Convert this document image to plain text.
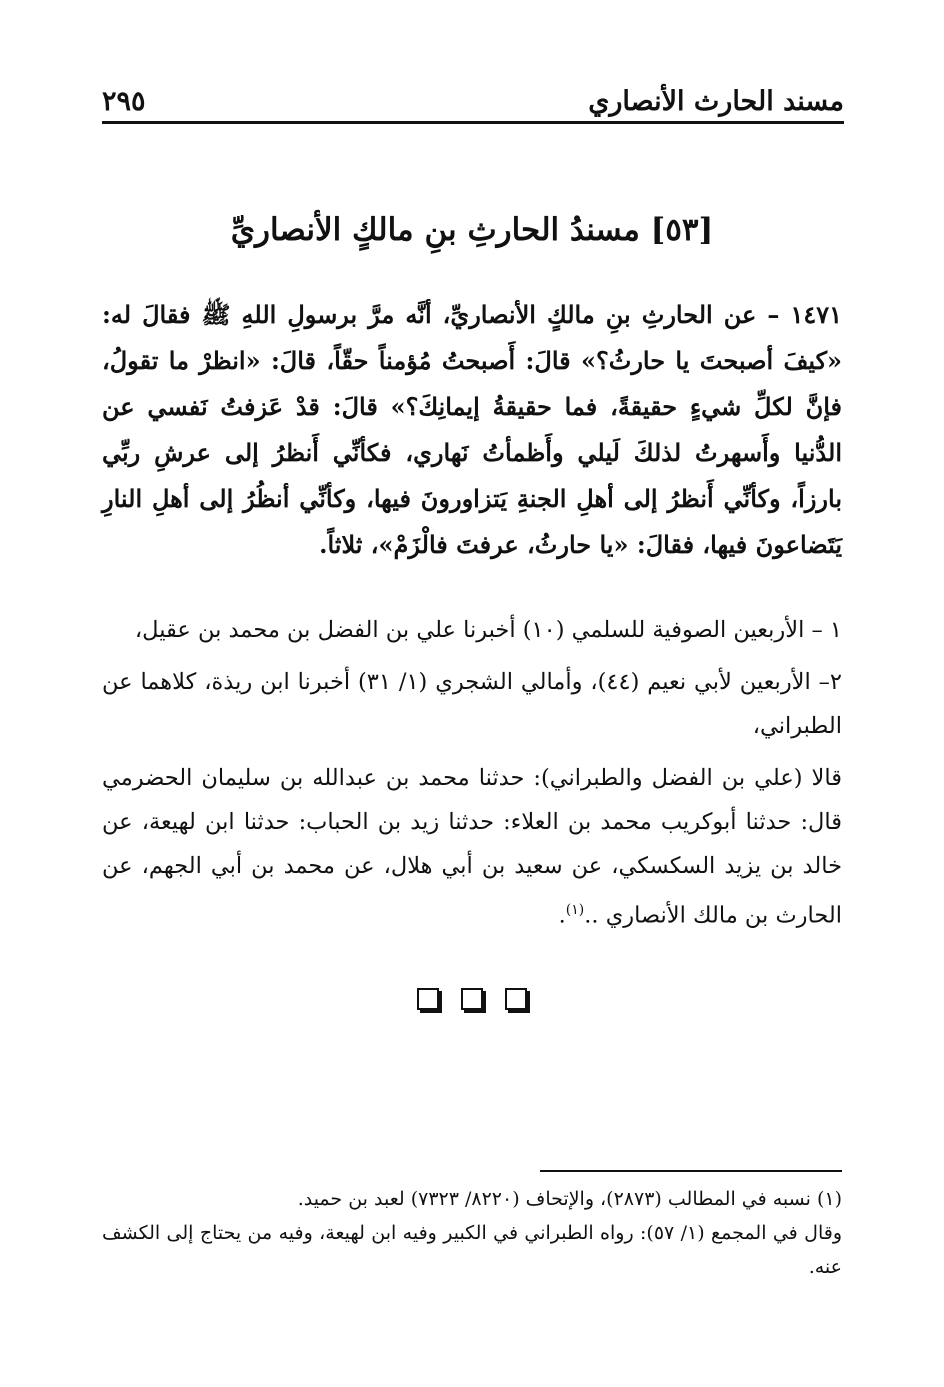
مسند الحارث الأنصاري
٢٩٥
[٥٣] مسندُ الحارثِ بنِ مالكٍ الأنصاريِّ
١٤٧١ – عن الحارثِ بنِ مالكٍ الأنصاريِّ، أنَّه مرَّ برسولِ اللهِ ﷺ فقالَ له: «كيفَ أصبحتَ يا حارثُ؟» قالَ: أَصبحتُ مُؤمناً حقّاً، قالَ: «انظرْ ما تقولُ، فإنَّ لكلِّ شيءٍ حقيقةً، فما حقيقةُ إيمانِكَ؟» قالَ: قدْ عَزفتُ نَفسي عن الدُّنيا وأَسهرتُ لذلكَ لَيلي وأَظمأتُ نَهاري، فكأنِّي أَنظرُ إلى عرشِ ربِّي بارزاً، وكأنِّي أَنظرُ إلى أهلِ الجنةِ يَتزاورونَ فيها، وكأنِّي أنظُرُ إلى أهلِ النارِ يَتَضاعونَ فيها، فقالَ: «يا حارثُ، عرفتَ فالْزَمْ»، ثلاثاً.

١ – الأربعين الصوفية للسلمي (١٠) أخبرنا علي بن الفضل بن محمد بن عقيل،

٢– الأربعين لأبي نعيم (٤٤)، وأمالي الشجري (١/ ٣١) أخبرنا ابن ريذة، كلاهما عن الطبراني،

قالا (علي بن الفضل والطبراني): حدثنا محمد بن عبدالله بن سليمان الحضرمي قال: حدثنا أبوكريب محمد بن العلاء: حدثنا زيد بن الحباب: حدثنا ابن لهيعة، عن خالد بن يزيد السكسكي، عن سعيد بن أبي هلال، عن محمد بن أبي الجهم، عن الحارث بن مالك الأنصاري ..$^{(١)}$.

(١) نسبه في المطالب (٢٨٧٣)، والإتحاف (٨٢٢٠/ ٧٣٢٣) لعبد بن حميد.

وقال في المجمع (١/ ٥٧): رواه الطبراني في الكبير وفيه ابن لهيعة، وفيه من يحتاج إلى الكشف عنه.
